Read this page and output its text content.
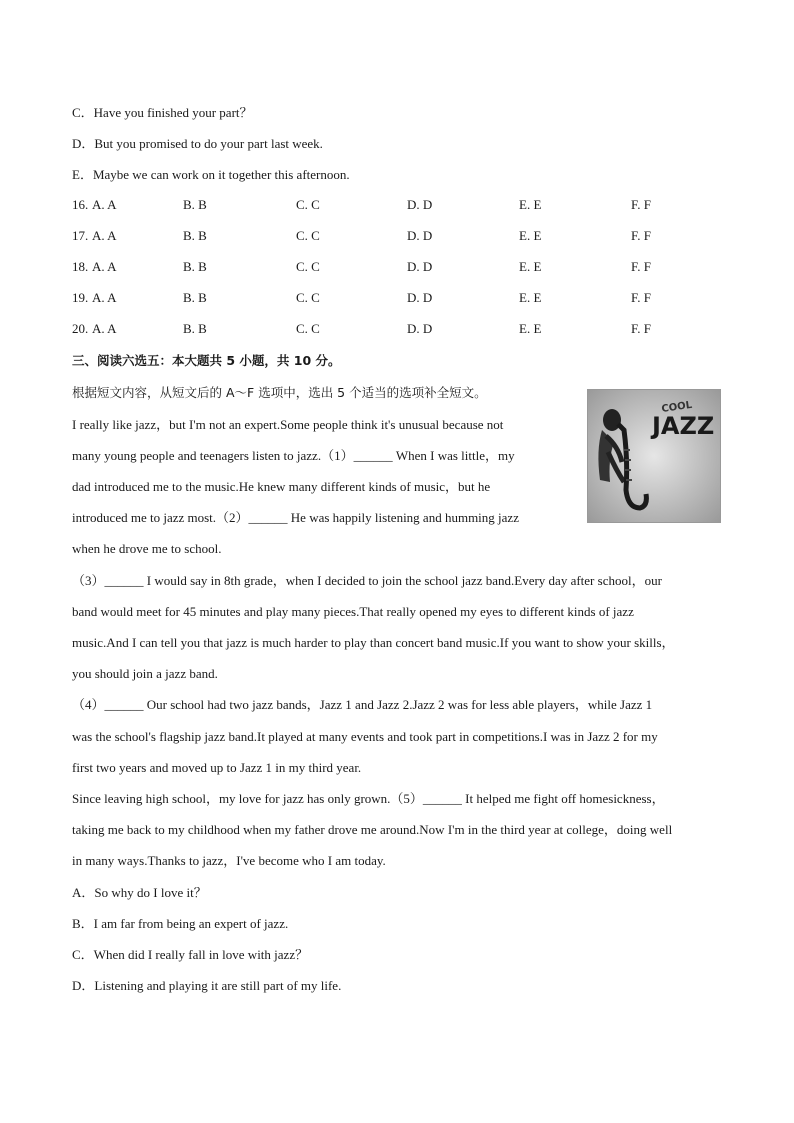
C．Have you finished your part？
D．But you promised to do your part last week.
E．Maybe we can work on it together this afternoon.
16. A. A	B. B	C. C	D. D	E. E	F. F
17. A. A	B. B	C. C	D. D	E. E	F. F
18. A. A	B. B	C. C	D. D	E. E	F. F
19. A. A	B. B	C. C	D. D	E. E	F. F
20. A. A	B. B	C. C	D. D	E. E	F. F
三、阅读六选五：本大题共 5 小题，共 10 分。
根据短文内容，从短文后的 A～F 选项中，选出 5 个适当的选项补全短文。
COOL
JAZZ
I really like jazz，but I'm not an expert.Some people think it's unusual because not
many young people and teenagers listen to jazz.（1）______ When I was little，my
dad introduced me to the music.He knew many different kinds of music，but he
introduced me to jazz most.（2）______ He was happily listening and humming jazz
when he drove me to school.
（3）______ I would say in 8th grade，when I decided to join the school jazz band.Every day after school，our
band would meet for 45 minutes and play many pieces.That really opened my eyes to different kinds of jazz
music.And I can tell you that jazz is much harder to play than concert band music.If you want to show your skills，
you should join a jazz band.
（4）______ Our school had two jazz bands，Jazz 1 and Jazz 2.Jazz 2 was for less able players，while Jazz 1
was the school's flagship jazz band.It played at many events and took part in competitions.I was in Jazz 2 for my
first two years and moved up to Jazz 1 in my third year.
Since leaving high school，my love for jazz has only grown.（5）______ It helped me fight off homesickness，
taking me back to my childhood when my father drove me around.Now I'm in the third year at college，doing well
in many ways.Thanks to jazz，I've become who I am today.
A．So why do I love it？
B．I am far from being an expert of jazz.
C．When did I really fall in love with jazz？
D．Listening and playing it are still part of my life.
